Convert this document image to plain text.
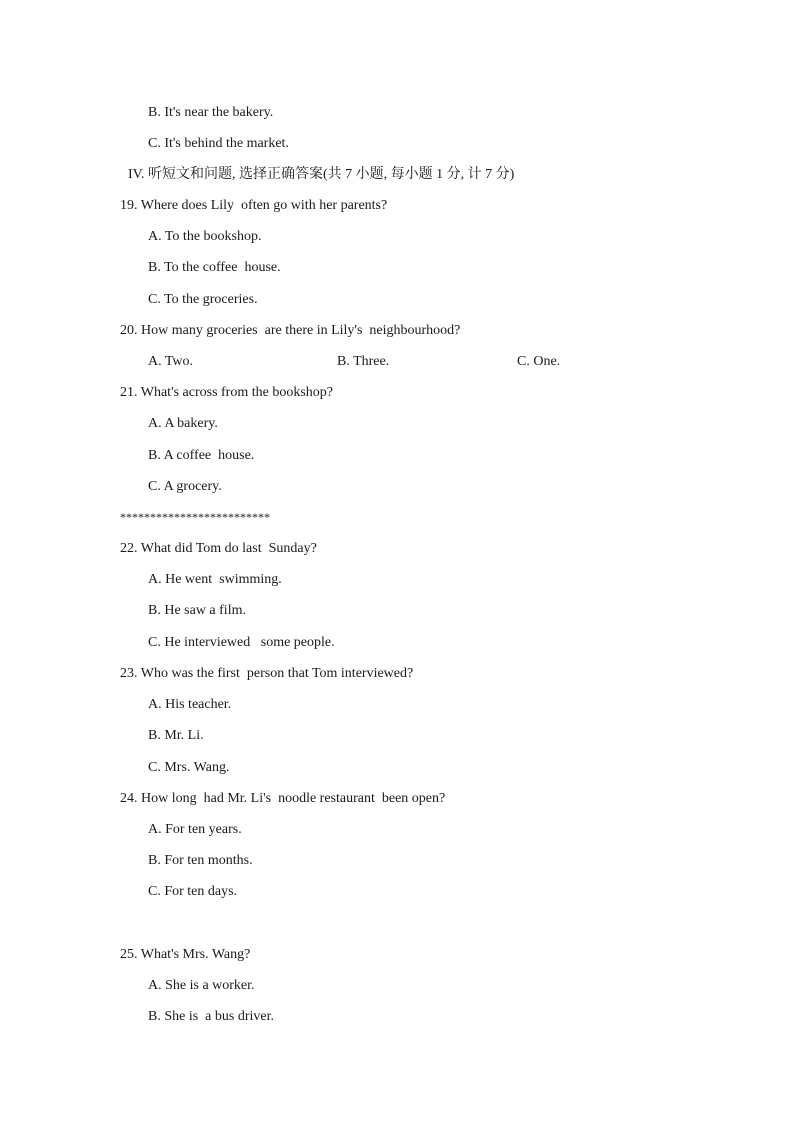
B. It's near the bakery.
C. It's behind the market.
IV. 听短文和问题, 选择正确答案(共 7 小题, 每小题 1 分, 计 7 分)
19. Where does Lily  often go with her parents?
A. To the bookshop.
B. To the coffee  house.
C. To the groceries.
20. How many groceries  are there in Lily's  neighbourhood?
A. Two.	B. Three.	C. One.
21. What's across from the bookshop?
A. A bakery.
B. A coffee  house.
C. A grocery.
*************************
22. What did Tom do last  Sunday?
A. He went  swimming.
B. He saw a film.
C. He interviewed   some people.
23. Who was the first  person that Tom interviewed?
A. His teacher.
B. Mr. Li.
C. Mrs. Wang.
24. How long  had Mr. Li's  noodle restaurant  been open?
A. For ten years.
B. For ten months.
C. For ten days.
25. What's Mrs. Wang?
A. She is a worker.
B. She is  a bus driver.
